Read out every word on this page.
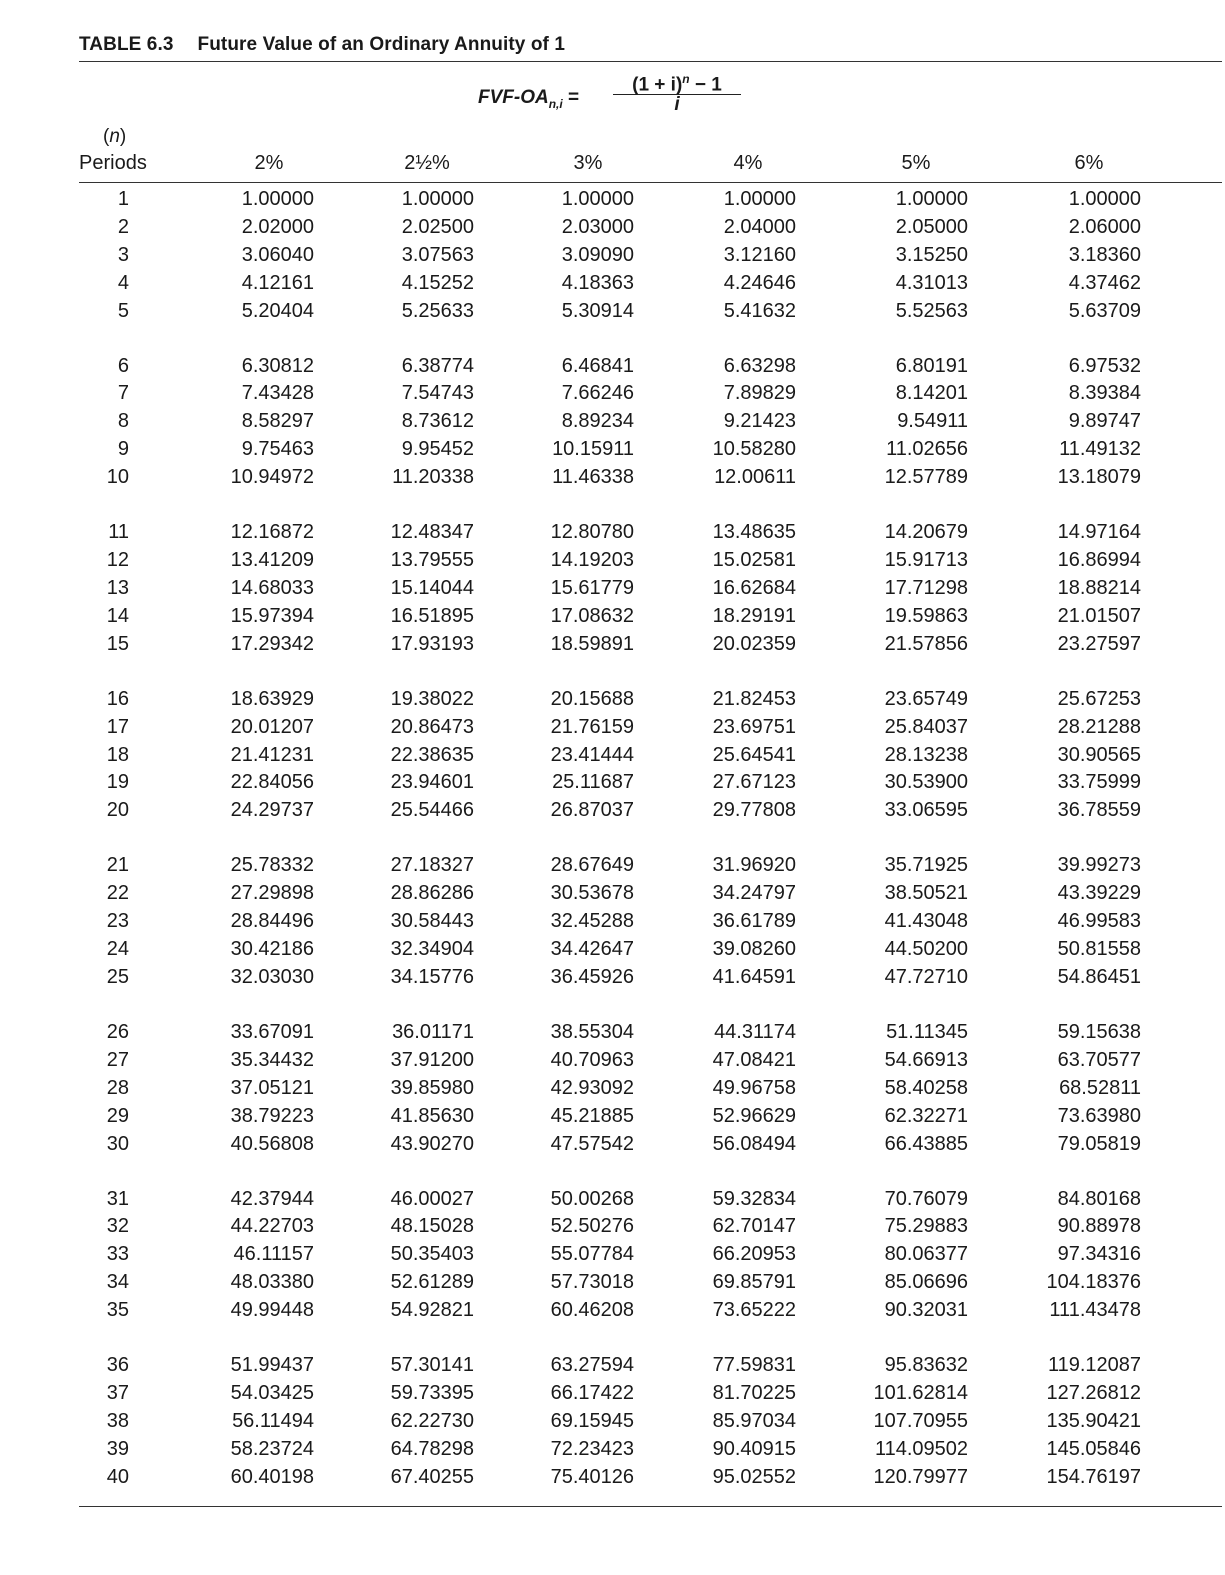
TABLE 6.3 Future Value of an Ordinary Annuity of 1
FVF-$OA_{n,i}$ =
$(1 + i)^n - 1$
i
(n)
Periods	2%	2½%	3%	4%	5%	6%
1	1.00000	1.00000	1.00000	1.00000	1.00000	1.00000
2	2.02000	2.02500	2.03000	2.04000	2.05000	2.06000
3	3.06040	3.07563	3.09090	3.12160	3.15250	3.18360
4	4.12161	4.15252	4.18363	4.24646	4.31013	4.37462
5	5.20404	5.25633	5.30914	5.41632	5.52563	5.63709
6	6.30812	6.38774	6.46841	6.63298	6.80191	6.97532
7	7.43428	7.54743	7.66246	7.89829	8.14201	8.39384
8	8.58297	8.73612	8.89234	9.21423	9.54911	9.89747
9	9.75463	9.95452	10.15911	10.58280	11.02656	11.49132
10	10.94972	11.20338	11.46338	12.00611	12.57789	13.18079
11	12.16872	12.48347	12.80780	13.48635	14.20679	14.97164
12	13.41209	13.79555	14.19203	15.02581	15.91713	16.86994
13	14.68033	15.14044	15.61779	16.62684	17.71298	18.88214
14	15.97394	16.51895	17.08632	18.29191	19.59863	21.01507
15	17.29342	17.93193	18.59891	20.02359	21.57856	23.27597
16	18.63929	19.38022	20.15688	21.82453	23.65749	25.67253
17	20.01207	20.86473	21.76159	23.69751	25.84037	28.21288
18	21.41231	22.38635	23.41444	25.64541	28.13238	30.90565
19	22.84056	23.94601	25.11687	27.67123	30.53900	33.75999
20	24.29737	25.54466	26.87037	29.77808	33.06595	36.78559
21	25.78332	27.18327	28.67649	31.96920	35.71925	39.99273
22	27.29898	28.86286	30.53678	34.24797	38.50521	43.39229
23	28.84496	30.58443	32.45288	36.61789	41.43048	46.99583
24	30.42186	32.34904	34.42647	39.08260	44.50200	50.81558
25	32.03030	34.15776	36.45926	41.64591	47.72710	54.86451
26	33.67091	36.01171	38.55304	44.31174	51.11345	59.15638
27	35.34432	37.91200	40.70963	47.08421	54.66913	63.70577
28	37.05121	39.85980	42.93092	49.96758	58.40258	68.52811
29	38.79223	41.85630	45.21885	52.96629	62.32271	73.63980
30	40.56808	43.90270	47.57542	56.08494	66.43885	79.05819
31	42.37944	46.00027	50.00268	59.32834	70.76079	84.80168
32	44.22703	48.15028	52.50276	62.70147	75.29883	90.88978
33	46.11157	50.35403	55.07784	66.20953	80.06377	97.34316
34	48.03380	52.61289	57.73018	69.85791	85.06696	104.18376
35	49.99448	54.92821	60.46208	73.65222	90.32031	111.43478
36	51.99437	57.30141	63.27594	77.59831	95.83632	119.12087
37	54.03425	59.73395	66.17422	81.70225	101.62814	127.26812
38	56.11494	62.22730	69.15945	85.97034	107.70955	135.90421
39	58.23724	64.78298	72.23423	90.40915	114.09502	145.05846
40	60.40198	67.40255	75.40126	95.02552	120.79977	154.76197
